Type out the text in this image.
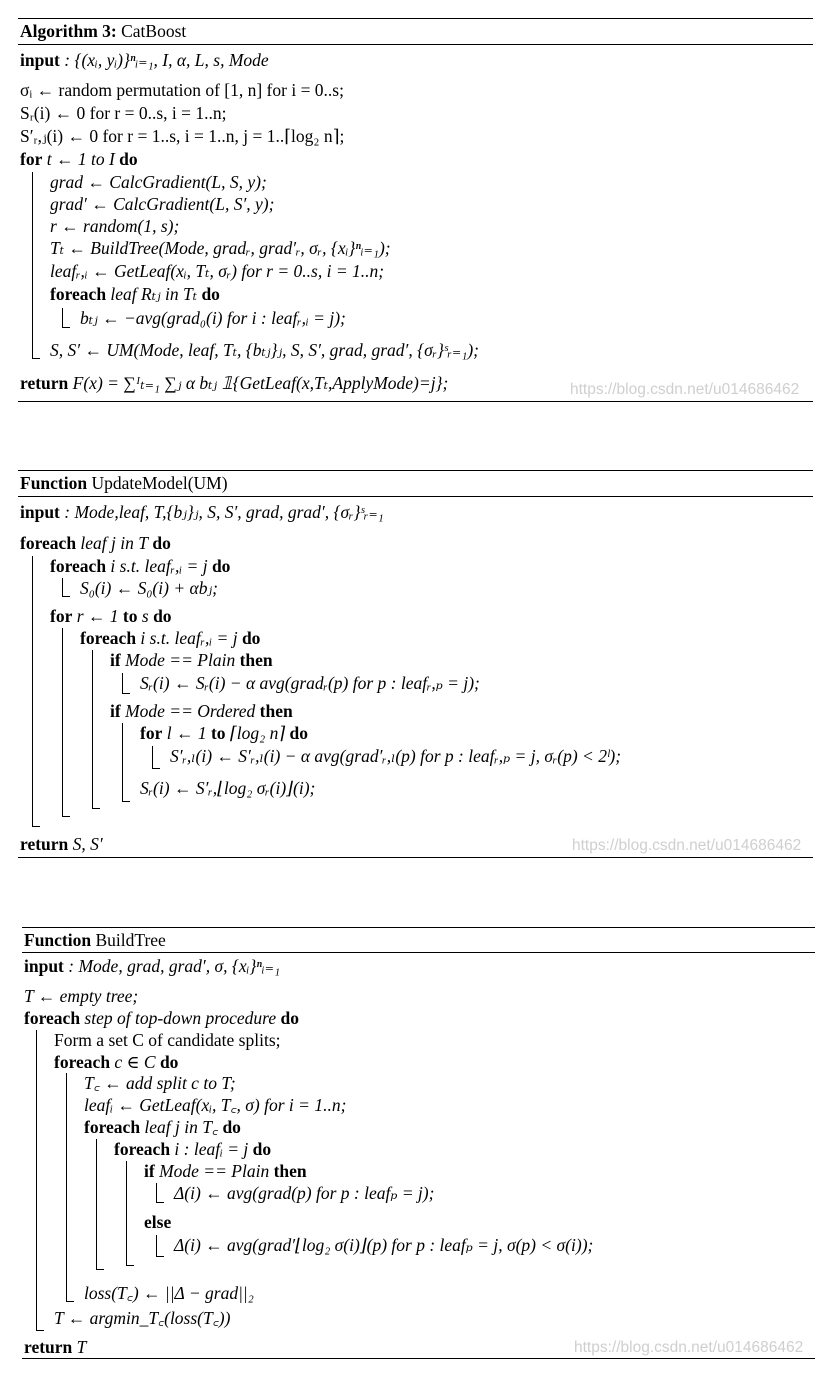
Algorithm 3: CatBoost
input : {(xᵢ, yᵢ)}ⁿᵢ₌₁, I, α, L, s, Mode
σᵢ ← random permutation of [1, n] for i = 0..s;
Sᵣ(i) ← 0 for r = 0..s, i = 1..n;
S′ᵣ,ⱼ(i) ← 0 for r = 1..s, i = 1..n, j = 1..⌈log₂ n⌉;
for t ← 1 to I do
grad ← CalcGradient(L, S, y);
grad′ ← CalcGradient(L, S′, y);
r ← random(1, s);
Tₜ ← BuildTree(Mode, gradᵣ, grad′ᵣ, σᵣ, {xᵢ}ⁿᵢ₌₁);
leafᵣ,ᵢ ← GetLeaf(xᵢ, Tₜ, σᵣ) for r = 0..s, i = 1..n;
foreach leaf Rₜⱼ in Tₜ do
bₜⱼ ← −avg(grad₀(i) for i : leafᵣ,ᵢ = j);
S, S′ ← UM(Mode, leaf, Tₜ, {bₜⱼ}ⱼ, S, S′, grad, grad′, {σᵣ}ˢᵣ₌₁);
return F(x) = ∑ᴵₜ₌₁ ∑ⱼ α bₜⱼ 𝟙{GetLeaf(x,Tₜ,ApplyMode)=j};	https://blog.csdn.net/u014686462
Function UpdateModel(UM)
input : Mode,leaf, T,{bⱼ}ⱼ, S, S′, grad, grad′, {σᵣ}ˢᵣ₌₁
foreach leaf j in T do
foreach i s.t. leafᵣ,ᵢ = j do
S₀(i) ← S₀(i) + αbⱼ;
for r ← 1 to s do
foreach i s.t. leafᵣ,ᵢ = j do
if Mode == Plain then
Sᵣ(i) ← Sᵣ(i) − α avg(gradᵣ(p) for p : leafᵣ,ₚ = j);
if Mode == Ordered then
for l ← 1 to ⌈log₂ n⌉ do
S′ᵣ,ₗ(i) ← S′ᵣ,ₗ(i) − α avg(grad′ᵣ,ₗ(p) for p : leafᵣ,ₚ = j, σᵣ(p) < 2ˡ);
Sᵣ(i) ← S′ᵣ,⌊log₂ σᵣ(i)⌋(i);
return S, S′	https://blog.csdn.net/u014686462
Function BuildTree
input : Mode, grad, grad′, σ, {xᵢ}ⁿᵢ₌₁
T ← empty tree;
foreach step of top-down procedure do
Form a set C of candidate splits;
foreach c ∈ C do
T꜀ ← add split c to T;
leafᵢ ← GetLeaf(xᵢ, T꜀, σ) for i = 1..n;
foreach leaf j in T꜀ do
foreach i : leafᵢ = j do
if Mode == Plain then
Δ(i) ← avg(grad(p) for p : leafₚ = j);
else
Δ(i) ← avg(grad′⌊log₂ σ(i)⌋(p) for p : leafₚ = j, σ(p) < σ(i));
loss(T꜀) ← ||Δ − grad||₂
T ← argmin_T꜀(loss(T꜀))
return T	https://blog.csdn.net/u014686462
